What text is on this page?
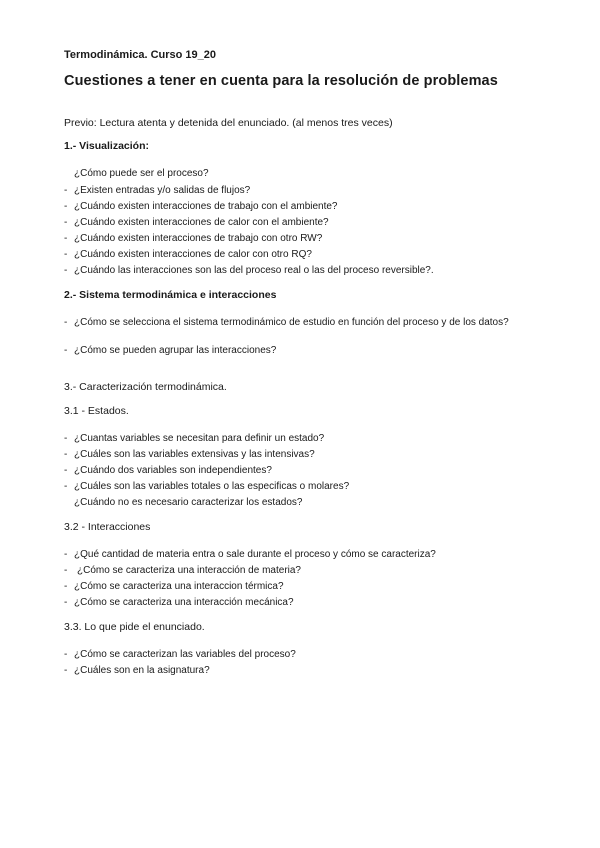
Termodinámica. Curso 19_20
Cuestiones a tener en cuenta para la resolución de problemas
Previo: Lectura atenta y detenida del enunciado. (al menos tres veces)
1.- Visualización:
¿Cómo puede ser el proceso?
- ¿Existen entradas y/o salidas de flujos?
- ¿Cuándo existen interacciones de trabajo con el ambiente?
- ¿Cuándo existen interacciones de calor con el ambiente?
- ¿Cuándo existen interacciones de trabajo con otro RW?
- ¿Cuándo existen interacciones de calor con otro RQ?
- ¿Cuándo las interacciones son las del proceso real o las del proceso reversible?.
2.- Sistema termodinámica e interacciones
- ¿Cómo se selecciona el sistema termodinámico de estudio en función del proceso y de los datos?
- ¿Cómo se pueden agrupar las interacciones?
3.- Caracterización termodinámica.
3.1 - Estados.
- ¿Cuantas variables se necesitan para definir un estado?
- ¿Cuáles son las variables extensivas y las intensivas?
- ¿Cuándo dos variables son independientes?
- ¿Cuáles son las variables totales o las especificas o molares?
¿Cuándo no es necesario caracterizar los estados?
3.2 - Interacciones
- ¿Qué cantidad de materia entra o sale durante el proceso y cómo se caracteriza?
- ¿Cómo se caracteriza una interacción de materia?
- ¿Cómo se caracteriza una interaccion térmica?
- ¿Cómo se caracteriza una interacción mecánica?
3.3. Lo que pide el enunciado.
- ¿Cómo se caracterizan las variables del proceso?
- ¿Cuáles son en la asignatura?
